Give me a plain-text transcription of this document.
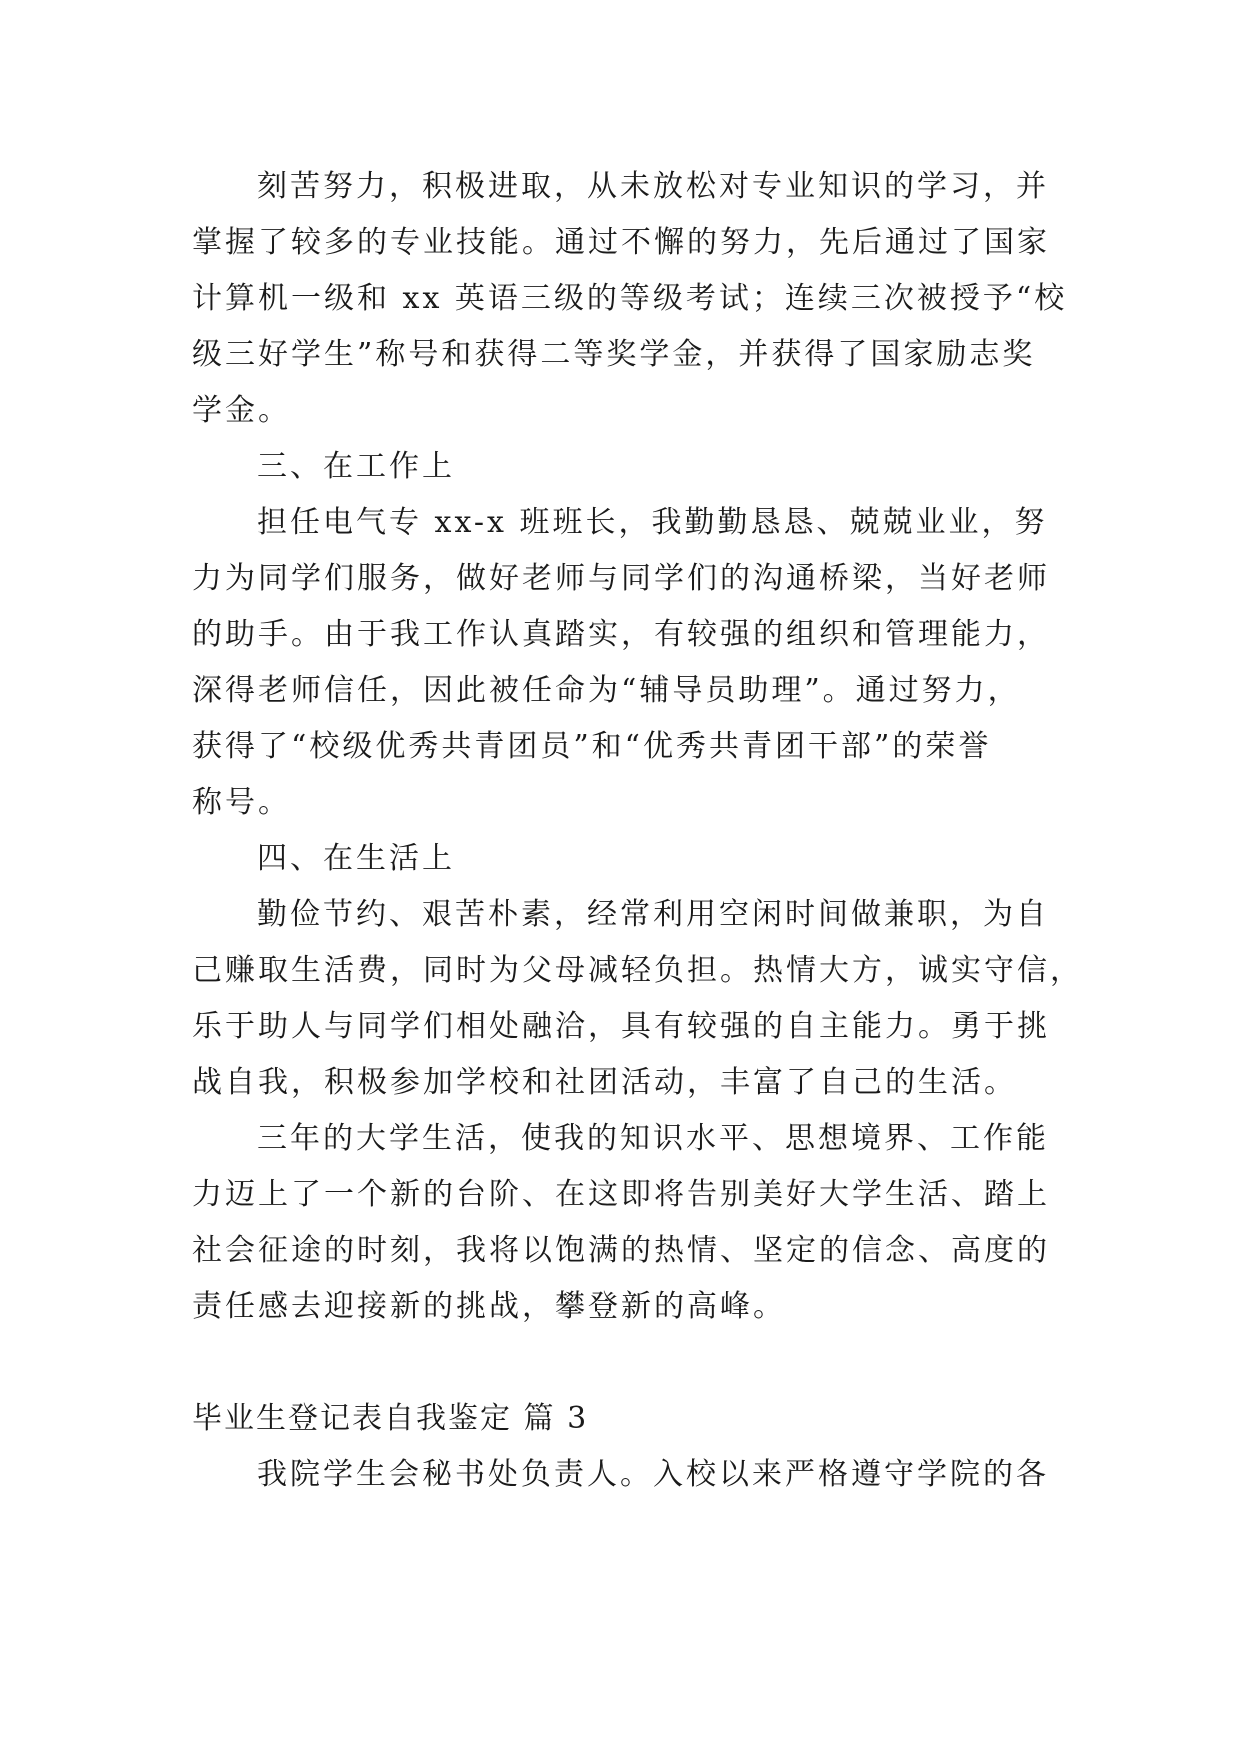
刻苦努力，积极进取，从未放松对专业知识的学习，并
掌握了较多的专业技能。通过不懈的努力，先后通过了国家
计算机一级和 xx 英语三级的等级考试；连续三次被授予“校
级三好学生”称号和获得二等奖学金，并获得了国家励志奖
学金。
三、在工作上
担任电气专 xx-x 班班长，我勤勤恳恳、兢兢业业，努
力为同学们服务，做好老师与同学们的沟通桥梁，当好老师
的助手。由于我工作认真踏实，有较强的组织和管理能力，
深得老师信任，因此被任命为“辅导员助理”。通过努力，
获得了“校级优秀共青团员”和“优秀共青团干部”的荣誉
称号。
四、在生活上
勤俭节约、艰苦朴素，经常利用空闲时间做兼职，为自
己赚取生活费，同时为父母减轻负担。热情大方，诚实守信，
乐于助人与同学们相处融洽，具有较强的自主能力。勇于挑
战自我，积极参加学校和社团活动，丰富了自己的生活。
三年的大学生活，使我的知识水平、思想境界、工作能
力迈上了一个新的台阶、在这即将告别美好大学生活、踏上
社会征途的时刻，我将以饱满的热情、坚定的信念、高度的
责任感去迎接新的挑战，攀登新的高峰。
毕业生登记表自我鉴定 篇 3
我院学生会秘书处负责人。入校以来严格遵守学院的各
